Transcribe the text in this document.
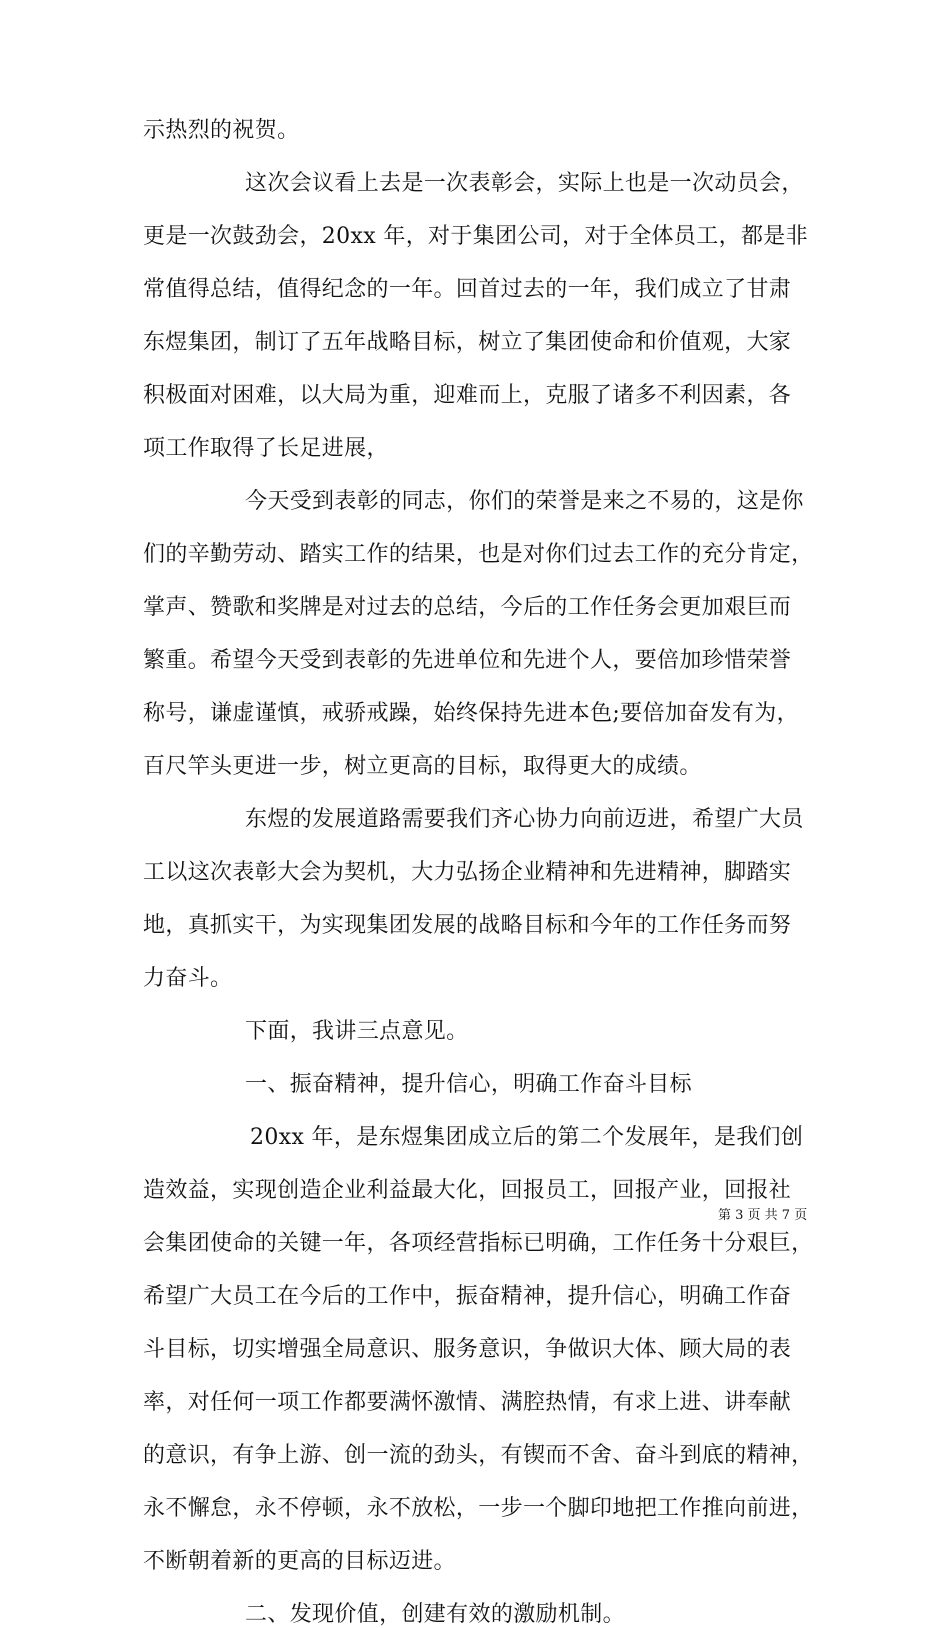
示热烈的祝贺。
这次会议看上去是一次表彰会，实际上也是一次动员会，
更是一次鼓劲会，20xx 年，对于集团公司，对于全体员工，都是非
常值得总结，值得纪念的一年。回首过去的一年，我们成立了甘肃
东煜集团，制订了五年战略目标，树立了集团使命和价值观，大家
积极面对困难，以大局为重，迎难而上，克服了诸多不利因素，各
项工作取得了长足进展，
今天受到表彰的同志，你们的荣誉是来之不易的，这是你
们的辛勤劳动、踏实工作的结果，也是对你们过去工作的充分肯定，
掌声、赞歌和奖牌是对过去的总结，今后的工作任务会更加艰巨而
繁重。希望今天受到表彰的先进单位和先进个人，要倍加珍惜荣誉
称号，谦虚谨慎，戒骄戒躁，始终保持先进本色;要倍加奋发有为，
百尺竿头更进一步，树立更高的目标，取得更大的成绩。
东煜的发展道路需要我们齐心协力向前迈进，希望广大员
工以这次表彰大会为契机，大力弘扬企业精神和先进精神，脚踏实
地，真抓实干，为实现集团发展的战略目标和今年的工作任务而努
力奋斗。
下面，我讲三点意见。
一、振奋精神，提升信心，明确工作奋斗目标
20xx 年，是东煜集团成立后的第二个发展年，是我们创
造效益，实现创造企业利益最大化，回报员工，回报产业，回报社
会集团使命的关键一年，各项经营指标已明确，工作任务十分艰巨，
希望广大员工在今后的工作中，振奋精神，提升信心，明确工作奋
斗目标，切实增强全局意识、服务意识，争做识大体、顾大局的表
率，对任何一项工作都要满怀激情、满腔热情，有求上进、讲奉献
的意识，有争上游、创一流的劲头，有锲而不舍、奋斗到底的精神，
永不懈怠，永不停顿，永不放松，一步一个脚印地把工作推向前进，
不断朝着新的更高的目标迈进。
二、发现价值，创建有效的激励机制。
第 3 页 共 7 页
